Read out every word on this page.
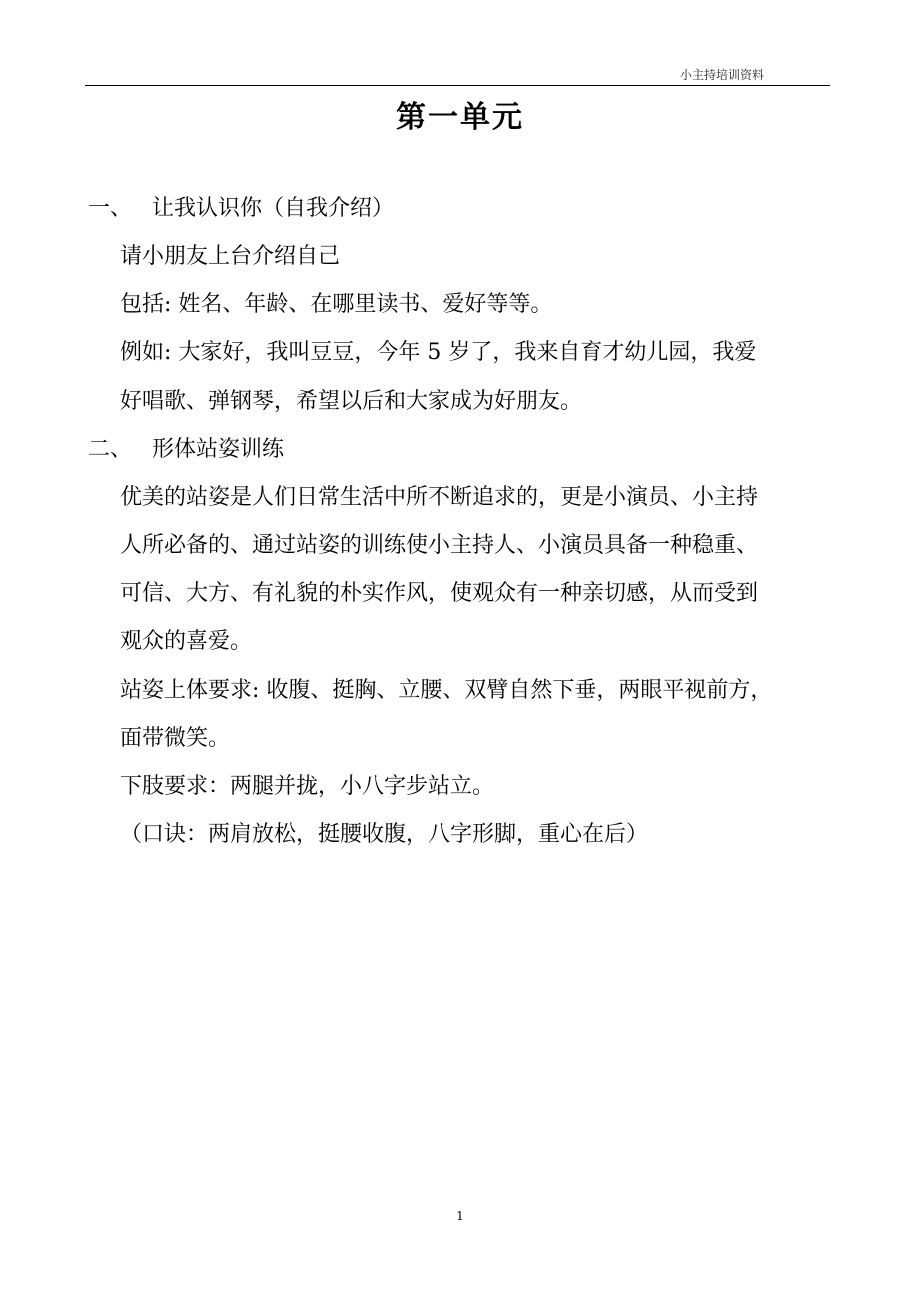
小主持培训资料
第一单元
一、 让我认识你（自我介绍）
请小朋友上台介绍自己
包括: 姓名、年龄、在哪里读书、爱好等等。
例如: 大家好，我叫豆豆，今年 5 岁了，我来自育才幼儿园，我爱
好唱歌、弹钢琴，希望以后和大家成为好朋友。
二、 形体站姿训练
优美的站姿是人们日常生活中所不断追求的，更是小演员、小主持
人所必备的、通过站姿的训练使小主持人、小演员具备一种稳重、
可信、大方、有礼貌的朴实作风，使观众有一种亲切感，从而受到
观众的喜爱。
站姿上体要求: 收腹、挺胸、立腰、双臂自然下垂，两眼平视前方，
面带微笑。
下肢要求：两腿并拢，小八字步站立。
（口诀：两肩放松，挺腰收腹，八字形脚，重心在后）
1
